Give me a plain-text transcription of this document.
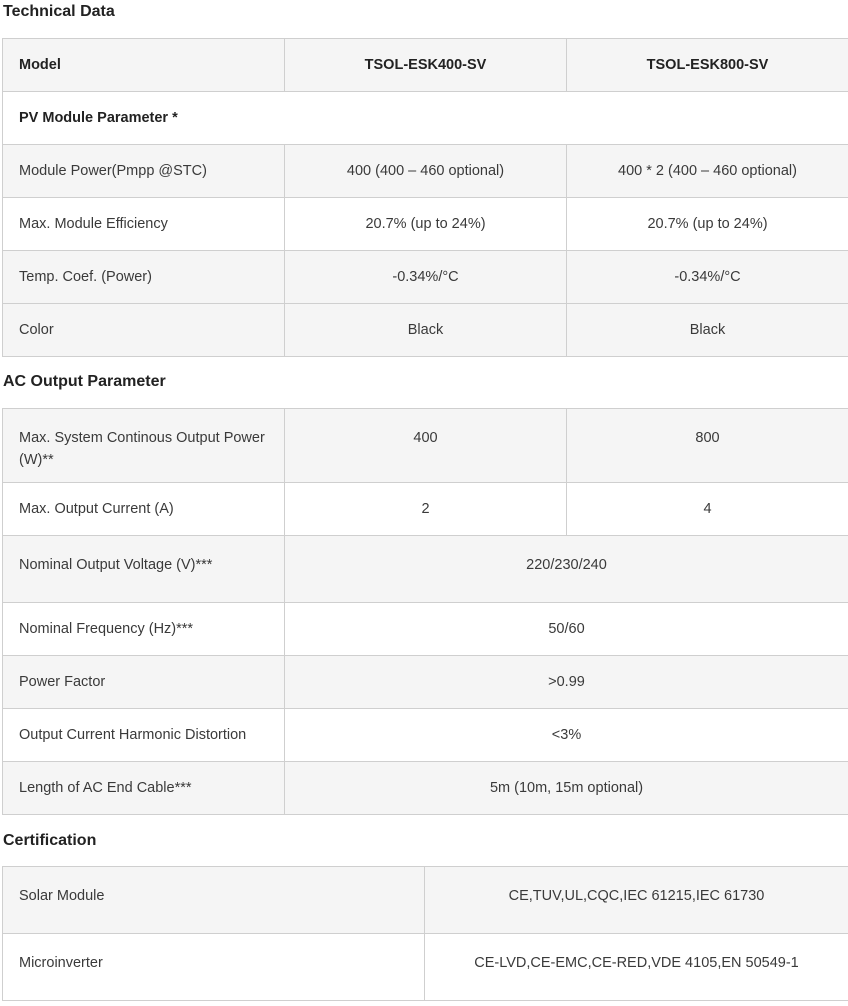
Technical Data
Model	TSOL-ESK400-SV	TSOL-ESK800-SV
PV Module Parameter *		
Module Power(Pmpp @STC)	400 (400 – 460 optional)	400 * 2 (400 – 460 optional)
Max. Module Efficiency	20.7% (up to 24%)	20.7% (up to 24%)
Temp. Coef. (Power)	-0.34%/°C	-0.34%/°C
Color	Black	Black
AC Output Parameter
Max. System Continous Output Power (W)**	400	800
Max. Output Current (A)	2	4
Nominal Output Voltage (V)***	220/230/240	
Nominal Frequency (Hz)***	50/60	
Power Factor	>0.99	
Output Current Harmonic Distortion	<3%	
Length of AC End Cable***	5m (10m, 15m optional)	
Certification
Solar Module	CE,TUV,UL,CQC,IEC 61215,IEC 61730
Microinverter	CE-LVD,CE-EMC,CE-RED,VDE 4105,EN 50549-1
